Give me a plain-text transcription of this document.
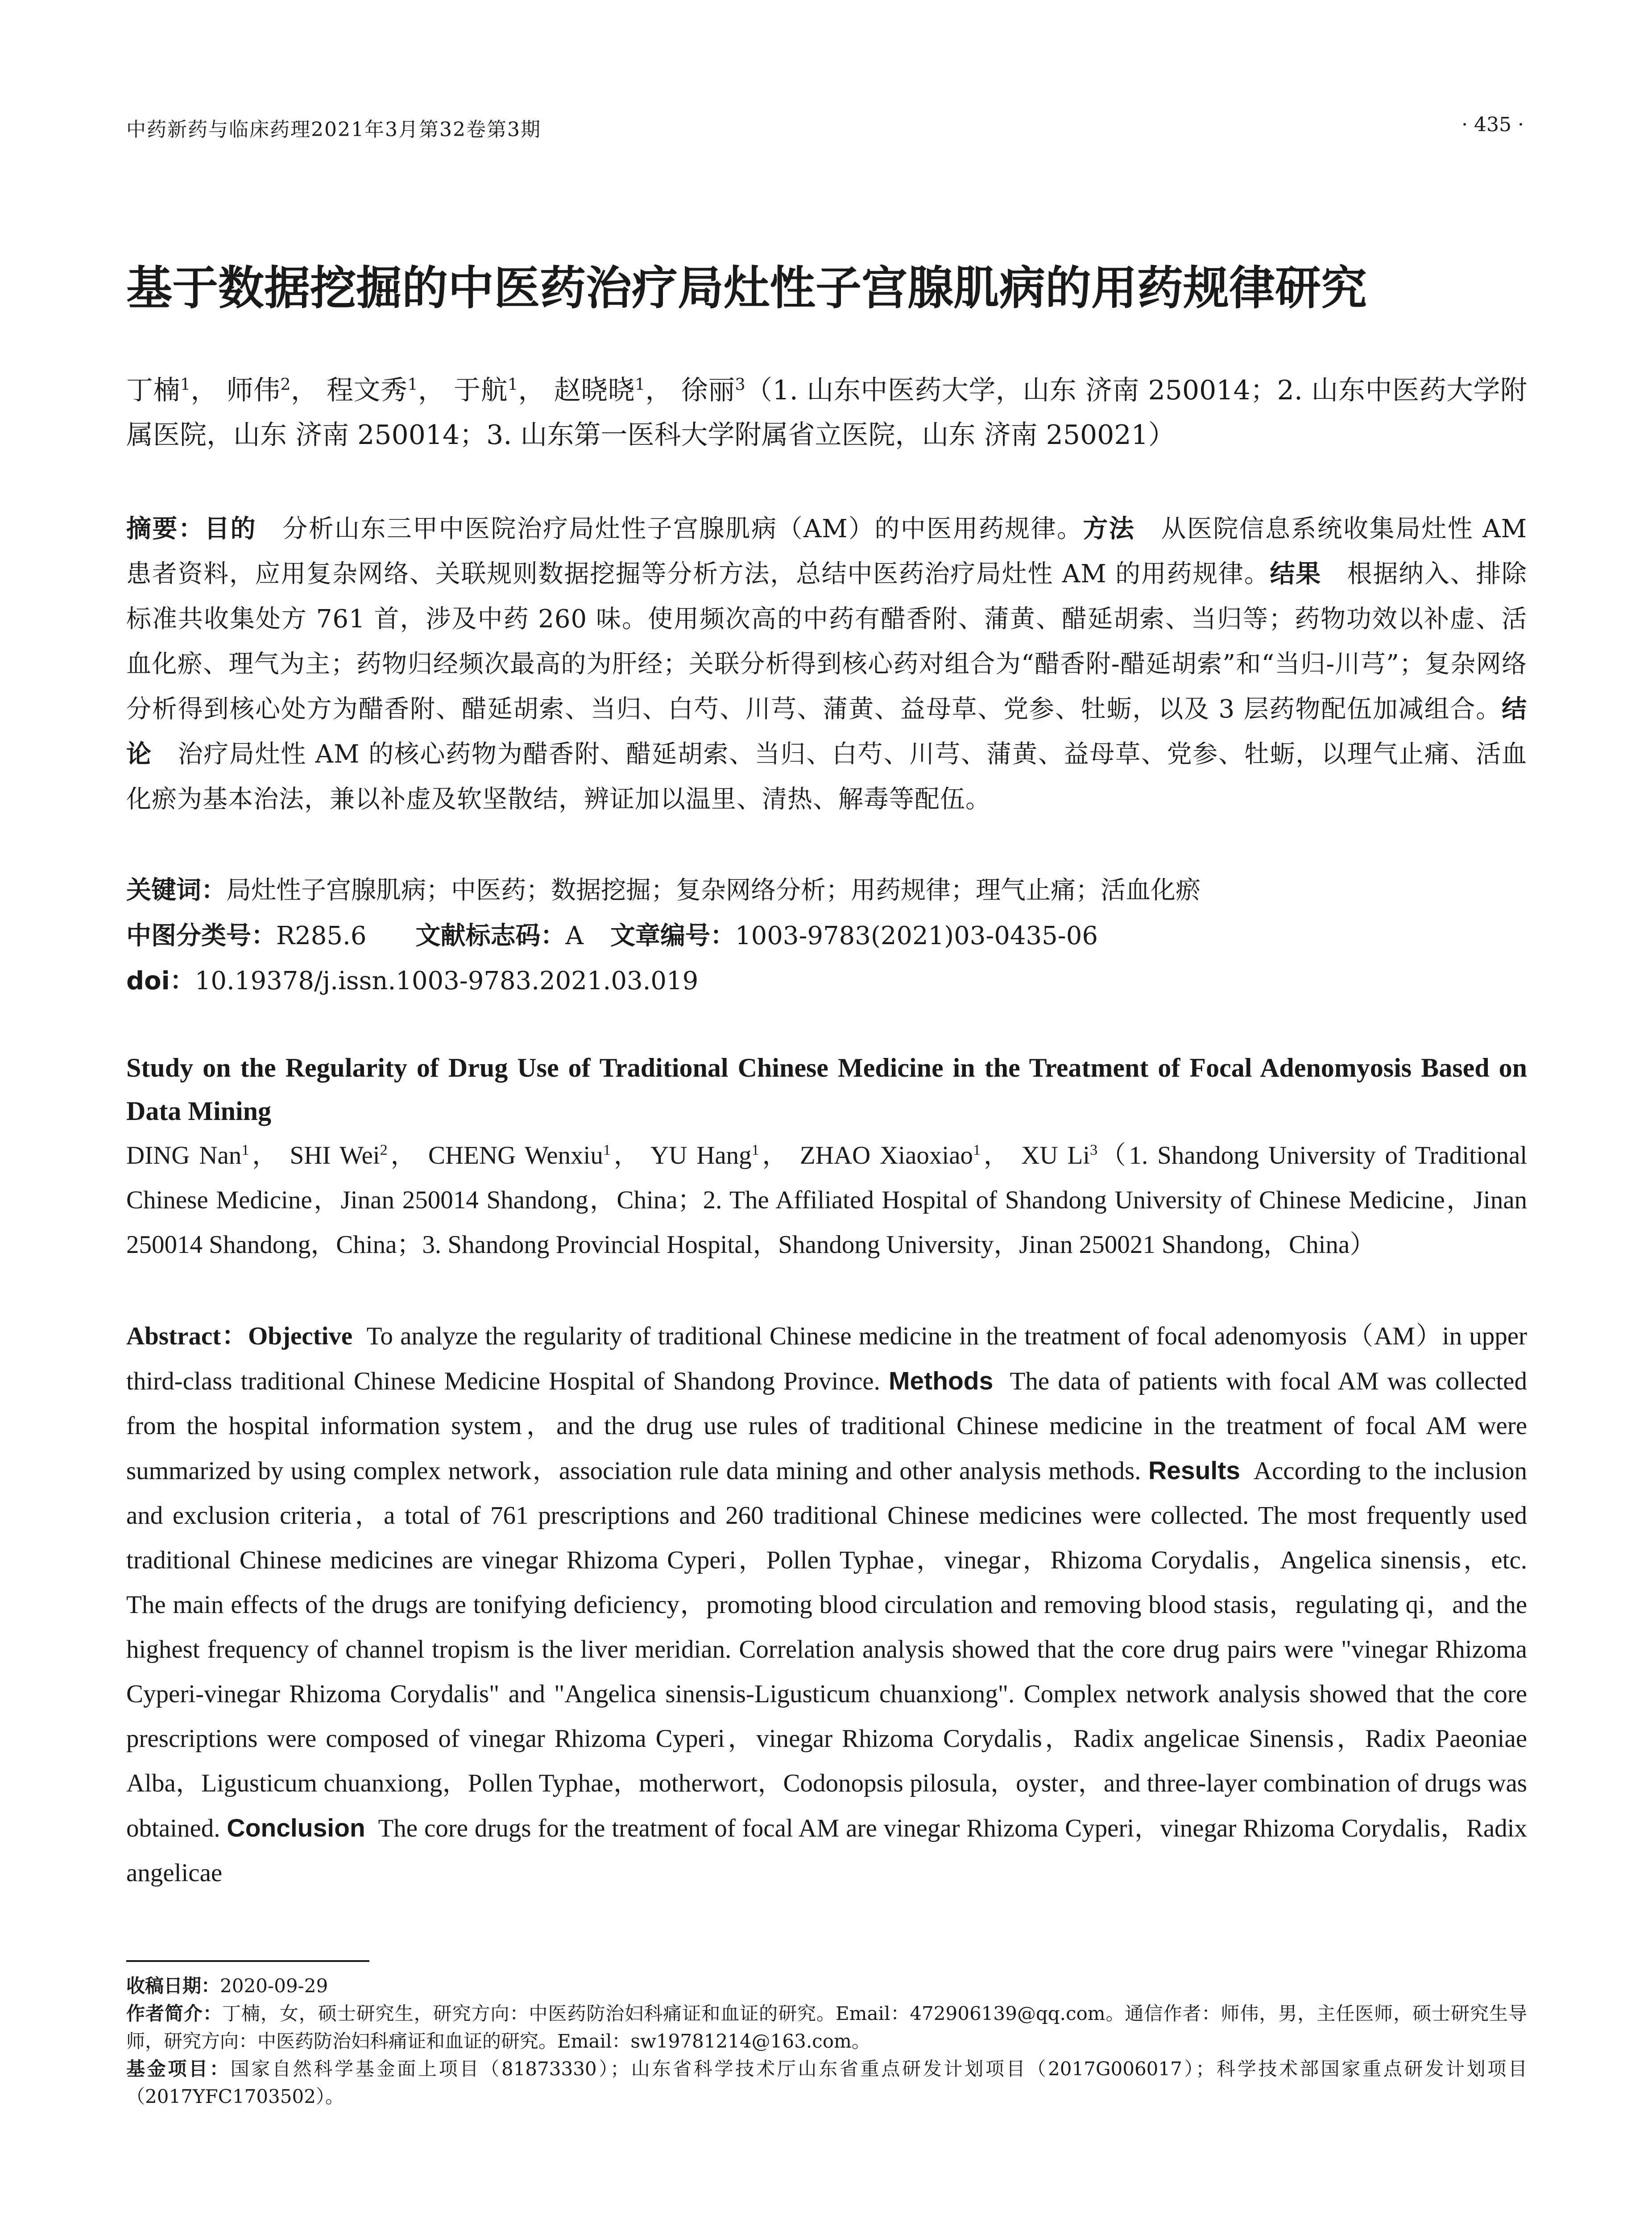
中药新药与临床药理2021年3月第32卷第3期	· 435 ·
基于数据挖掘的中医药治疗局灶性子宫腺肌病的用药规律研究
丁楠$^1$， 师伟$^2$， 程文秀$^1$， 于航$^1$， 赵晓晓$^1$， 徐丽$^3$（1. 山东中医药大学，山东 济南 250014；2. 山东中医药大学附属医院，山东 济南 250014；3. 山东第一医科大学附属省立医院，山东 济南 250021）
摘要：目的  分析山东三甲中医院治疗局灶性子宫腺肌病（AM）的中医用药规律。方法  从医院信息系统收集局灶性 AM 患者资料，应用复杂网络、关联规则数据挖掘等分析方法，总结中医药治疗局灶性 AM 的用药规律。结果  根据纳入、排除标准共收集处方 761 首，涉及中药 260 味。使用频次高的中药有醋香附、蒲黄、醋延胡索、当归等；药物功效以补虚、活血化瘀、理气为主；药物归经频次最高的为肝经；关联分析得到核心药对组合为“醋香附-醋延胡索”和“当归-川芎”；复杂网络分析得到核心处方为醋香附、醋延胡索、当归、白芍、川芎、蒲黄、益母草、党参、牡蛎，以及 3 层药物配伍加减组合。结论  治疗局灶性 AM 的核心药物为醋香附、醋延胡索、当归、白芍、川芎、蒲黄、益母草、党参、牡蛎，以理气止痛、活血化瘀为基本治法，兼以补虚及软坚散结，辨证加以温里、清热、解毒等配伍。
关键词：局灶性子宫腺肌病；中医药；数据挖掘；复杂网络分析；用药规律；理气止痛；活血化瘀
中图分类号：R285.6 文献标志码：A 文章编号：1003-9783(2021)03-0435-06
doi：10.19378/j.issn.1003-9783.2021.03.019
Study on the Regularity of Drug Use of Traditional Chinese Medicine in the Treatment of Focal Adenomyosis Based on Data Mining
DING Nan$^1$， SHI Wei$^2$， CHENG Wenxiu$^1$， YU Hang$^1$， ZHAO Xiaoxiao$^1$， XU Li$^3$（1. Shandong University of Traditional Chinese Medicine，Jinan 250014 Shandong，China；2. The Affiliated Hospital of Shandong University of Chinese Medicine，Jinan 250014 Shandong，China；3. Shandong Provincial Hospital，Shandong University，Jinan 250021 Shandong，China）
Abstract：Objective To analyze the regularity of traditional Chinese medicine in the treatment of focal adenomyosis（AM）in upper third-class traditional Chinese Medicine Hospital of Shandong Province. Methods The data of patients with focal AM was collected from the hospital information system，and the drug use rules of traditional Chinese medicine in the treatment of focal AM were summarized by using complex network，association rule data mining and other analysis methods. Results According to the inclusion and exclusion criteria，a total of 761 prescriptions and 260 traditional Chinese medicines were collected. The most frequently used traditional Chinese medicines are vinegar Rhizoma Cyperi，Pollen Typhae，vinegar，Rhizoma Corydalis，Angelica sinensis，etc. The main effects of the drugs are tonifying deficiency，promoting blood circulation and removing blood stasis，regulating qi，and the highest frequency of channel tropism is the liver meridian. Correlation analysis showed that the core drug pairs were "vinegar Rhizoma Cyperi-vinegar Rhizoma Corydalis" and "Angelica sinensis-Ligusticum chuanxiong". Complex network analysis showed that the core prescriptions were composed of vinegar Rhizoma Cyperi，vinegar Rhizoma Corydalis，Radix angelicae Sinensis，Radix Paeoniae Alba，Ligusticum chuanxiong，Pollen Typhae，motherwort，Codonopsis pilosula，oyster，and three-layer combination of drugs was obtained. Conclusion The core drugs for the treatment of focal AM are vinegar Rhizoma Cyperi，vinegar Rhizoma Corydalis，Radix angelicae
收稿日期：2020-09-29
作者简介：丁楠，女，硕士研究生，研究方向：中医药防治妇科痛证和血证的研究。Email：472906139@qq.com。通信作者：师伟，男，主任医师，硕士研究生导师，研究方向：中医药防治妇科痛证和血证的研究。Email：sw19781214@163.com。
基金项目：国家自然科学基金面上项目（81873330）；山东省科学技术厅山东省重点研发计划项目（2017G006017）；科学技术部国家重点研发计划项目（2017YFC1703502）。
